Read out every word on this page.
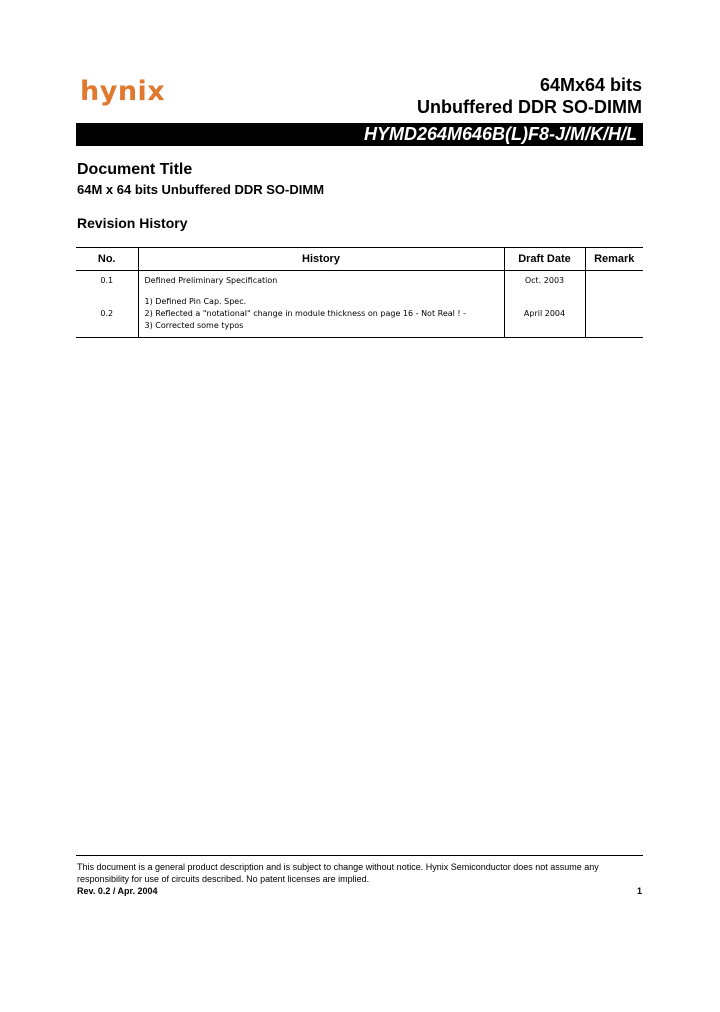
hynix	64Mx64 bits
Unbuffered DDR SO-DIMM
HYMD264M646B(L)F8-J/M/K/H/L
Document Title
64M x 64 bits Unbuffered DDR SO-DIMM
Revision History
No.	History	Draft Date	Remark
0.1	Defined Preliminary Specification	Oct. 2003	
0.2	1) Defined Pin Cap. Spec.
2) Reflected a "notational" change in module thickness on page 16 - Not Real ! -
3) Corrected some typos	April 2004	
This document is a general product description and is subject to change without notice. Hynix Semiconductor does not assume any responsibility for use of circuits described. No patent licenses are implied.
Rev. 0.2 / Apr. 2004	1
